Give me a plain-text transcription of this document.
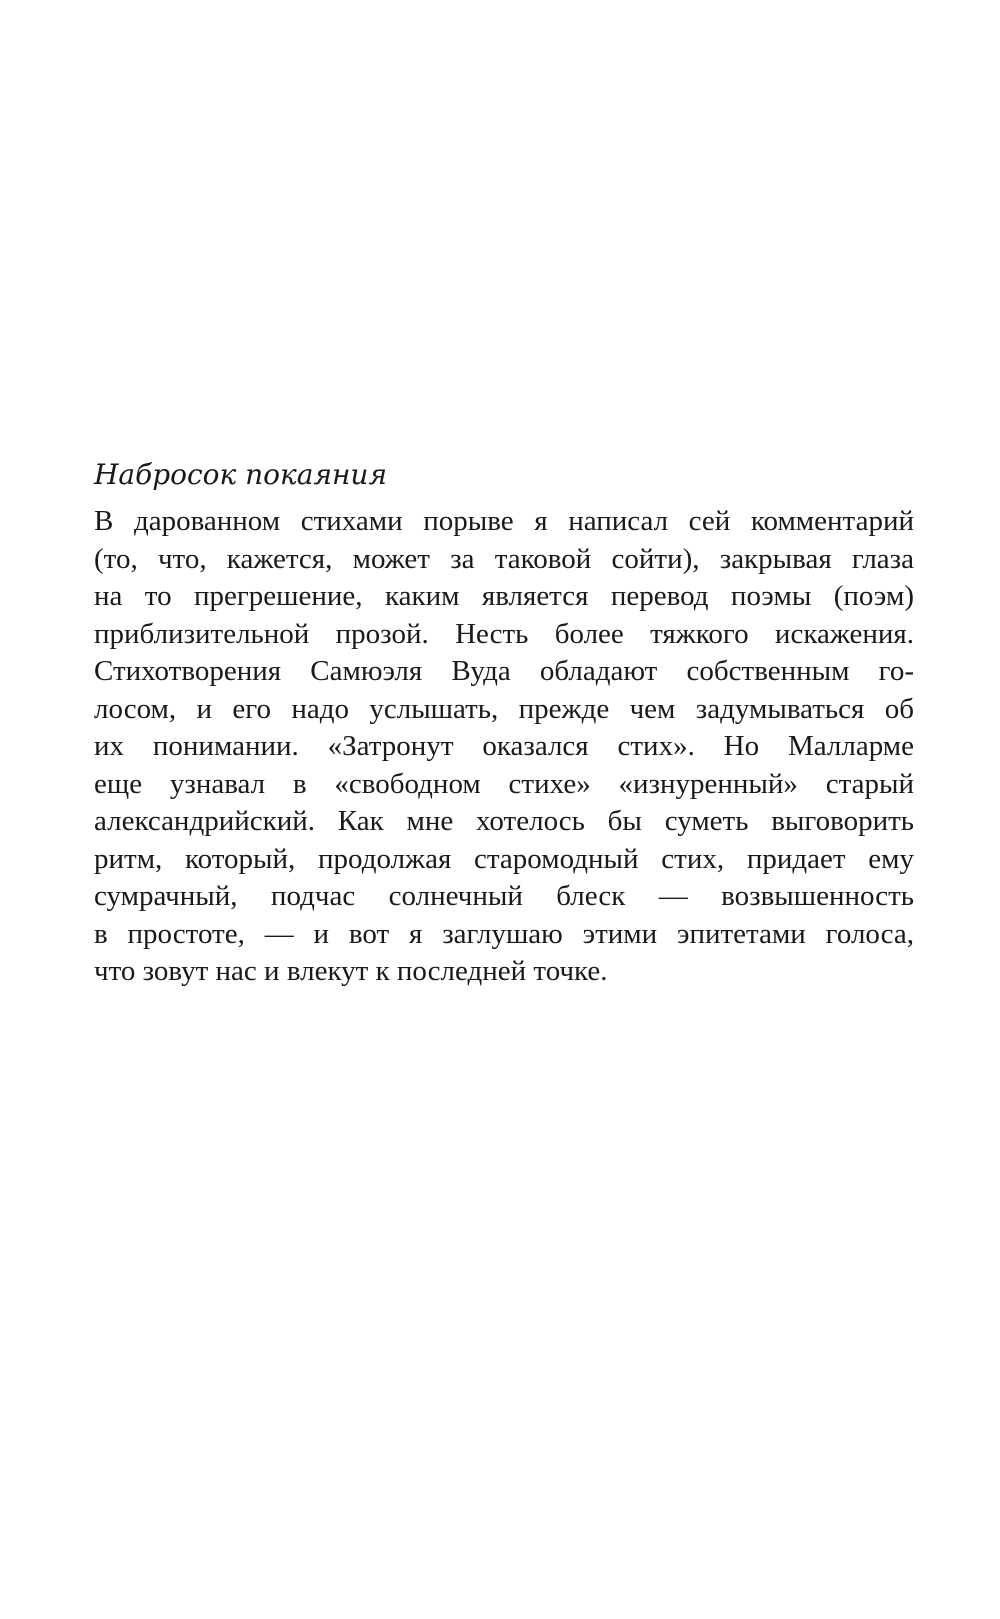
Набросок покаяния
В дарованном стихами порыве я написал сей комментарий
(то, что, кажется, может за таковой сойти), закрывая глаза
на то прегрешение, каким является перевод поэмы (поэм)
приблизительной прозой. Несть более тяжкого искажения.
Стихотворения Самюэля Вуда обладают собственным го-
лосом, и его надо услышать, прежде чем задумываться об
их понимании. «Затронут оказался стих». Но Малларме
еще узнавал в «свободном стихе» «изнуренный» старый
александрийский. Как мне хотелось бы суметь выговорить
ритм, который, продолжая старомодный стих, придает ему
сумрачный, подчас солнечный блеск — возвышенность
в простоте, — и вот я заглушаю этими эпитетами голоса,
что зовут нас и влекут к последней точке.
